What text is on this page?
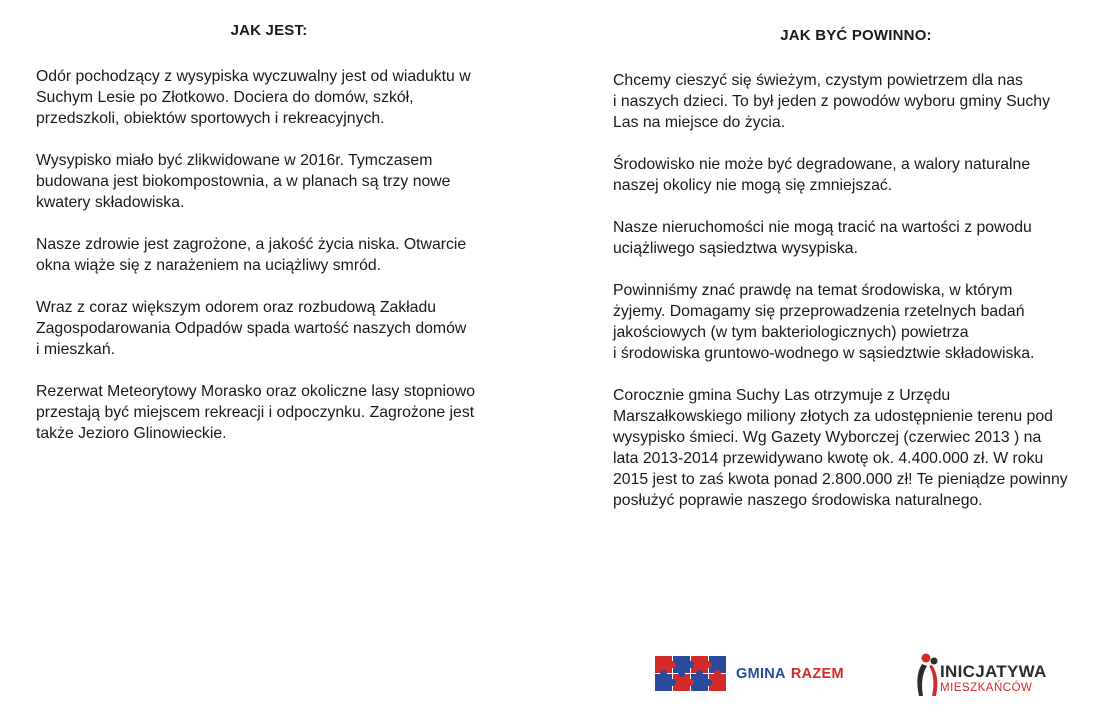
JAK JEST:

Odór pochodzący z wysypiska wyczuwalny jest od wiaduktu w
Suchym Lesie po Złotkowo. Dociera do domów, szkół,
przedszkoli, obiektów sportowych i rekreacyjnych.

Wysypisko miało być zlikwidowane w 2016r. Tymczasem
budowana jest biokompostownia, a w planach są trzy nowe
kwatery składowiska.

Nasze zdrowie jest zagrożone, a jakość życia niska. Otwarcie
okna wiąże się z narażeniem na uciążliwy smród.

Wraz z coraz większym odorem oraz rozbudową Zakładu
Zagospodarowania Odpadów spada wartość naszych domów
i mieszkań.

Rezerwat Meteorytowy Morasko oraz okoliczne lasy stopniowo
przestają być miejscem rekreacji i odpoczynku. Zagrożone jest
także Jezioro Glinowieckie.

JAK BYĆ POWINNO:

Chcemy cieszyć się świeżym, czystym powietrzem dla nas
i naszych dzieci. To był jeden z powodów wyboru gminy Suchy
Las na miejsce do życia.

Środowisko nie może być degradowane, a walory naturalne
naszej okolicy nie mogą się zmniejszać.

Nasze nieruchomości nie mogą tracić na wartości z powodu
uciążliwego sąsiedztwa wysypiska.

Powinniśmy znać prawdę na temat środowiska, w którym
żyjemy. Domagamy się przeprowadzenia rzetelnych badań
jakościowych (w tym bakteriologicznych) powietrza
i środowiska gruntowo-wodnego w sąsiedztwie składowiska.

Corocznie gmina Suchy Las otrzymuje z Urzędu
Marszałkowskiego miliony złotych za udostępnienie terenu pod
wysypisko śmieci. Wg Gazety Wyborczej (czerwiec 2013 ) na
lata 2013-2014 przewidywano kwotę ok. 4.400.000 zł. W roku
2015 jest to zaś kwota ponad 2.800.000 zł! Te pieniądze powinny
posłużyć poprawie naszego środowiska naturalnego.

GMINA RAZEM	INICJATYWA
MIESZKAŃCÓW
